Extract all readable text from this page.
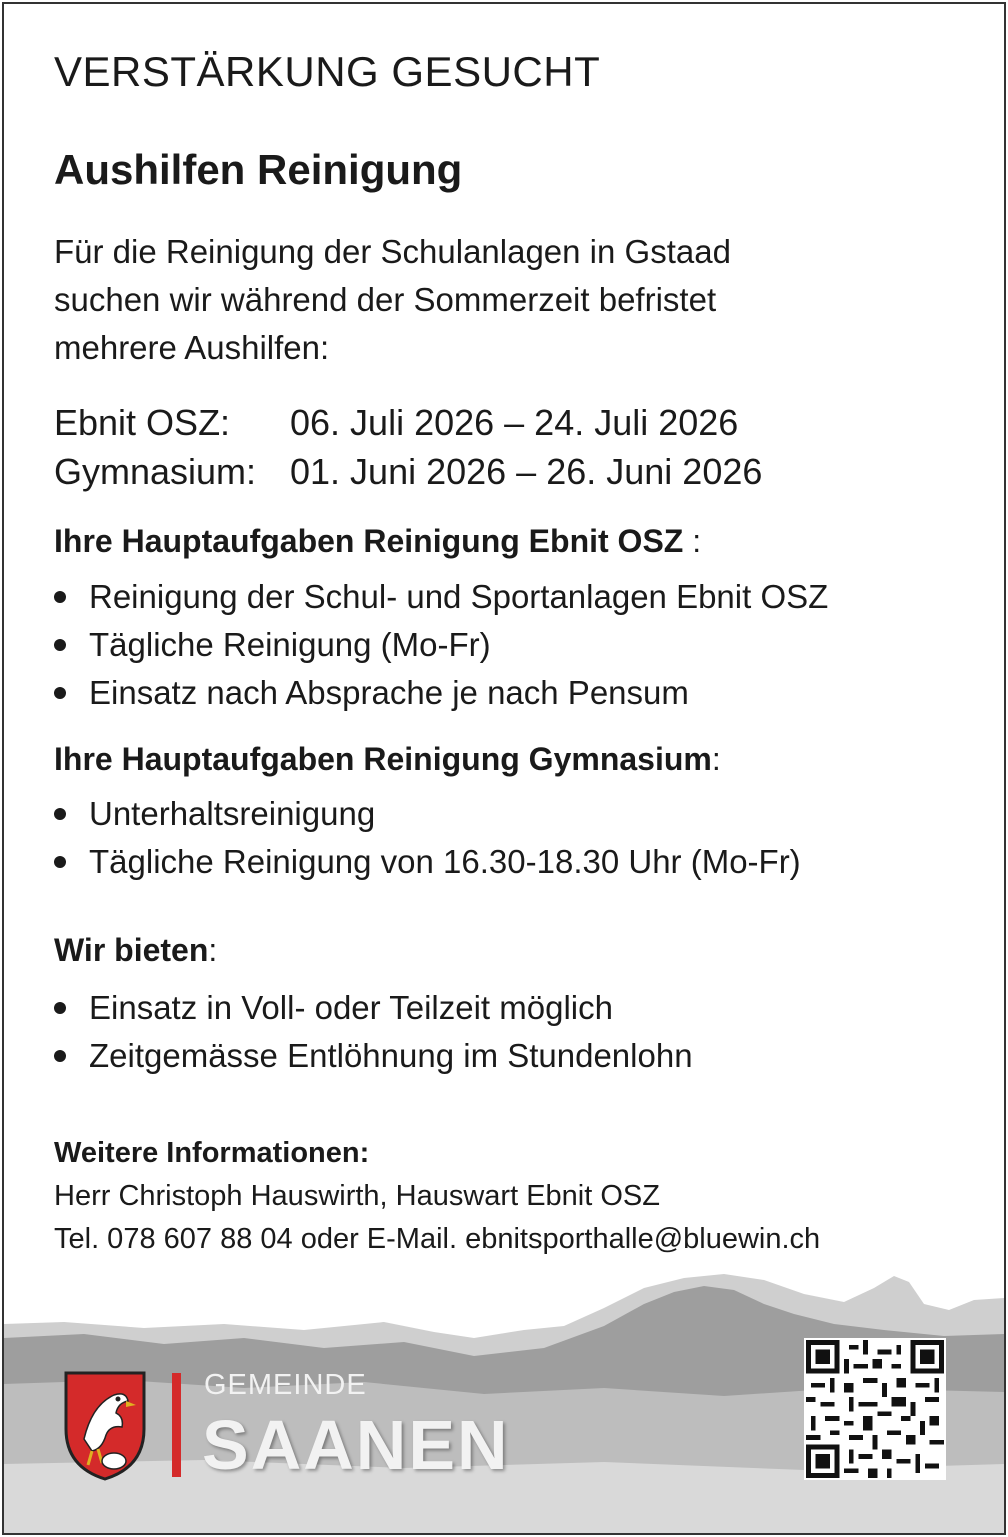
VERSTÄRKUNG GESUCHT
Aushilfen Reinigung
Für die Reinigung der Schulanlagen in Gstaad
suchen wir während der Sommerzeit befristet
mehrere Aushilfen:
Ebnit OSZ:	06. Juli 2026 – 24. Juli 2026
Gymnasium: 01. Juni 2026 – 26. Juni 2026
Ihre Hauptaufgaben Reinigung Ebnit OSZ :
Reinigung der Schul- und Sportanlagen Ebnit OSZ
Tägliche Reinigung (Mo-Fr)
Einsatz nach Absprache je nach Pensum
Ihre Hauptaufgaben Reinigung Gymnasium:
Unterhaltsreinigung
Tägliche Reinigung von 16.30-18.30 Uhr (Mo-Fr)
Wir bieten:
Einsatz in Voll- oder Teilzeit möglich
Zeitgemässe Entlöhnung im Stundenlohn
Weitere Informationen:
Herr Christoph Hauswirth, Hauswart Ebnit OSZ
Tel. 078 607 88 04 oder E-Mail. ebnitsporthalle@bluewin.ch
GEMEINDE
SAANEN
